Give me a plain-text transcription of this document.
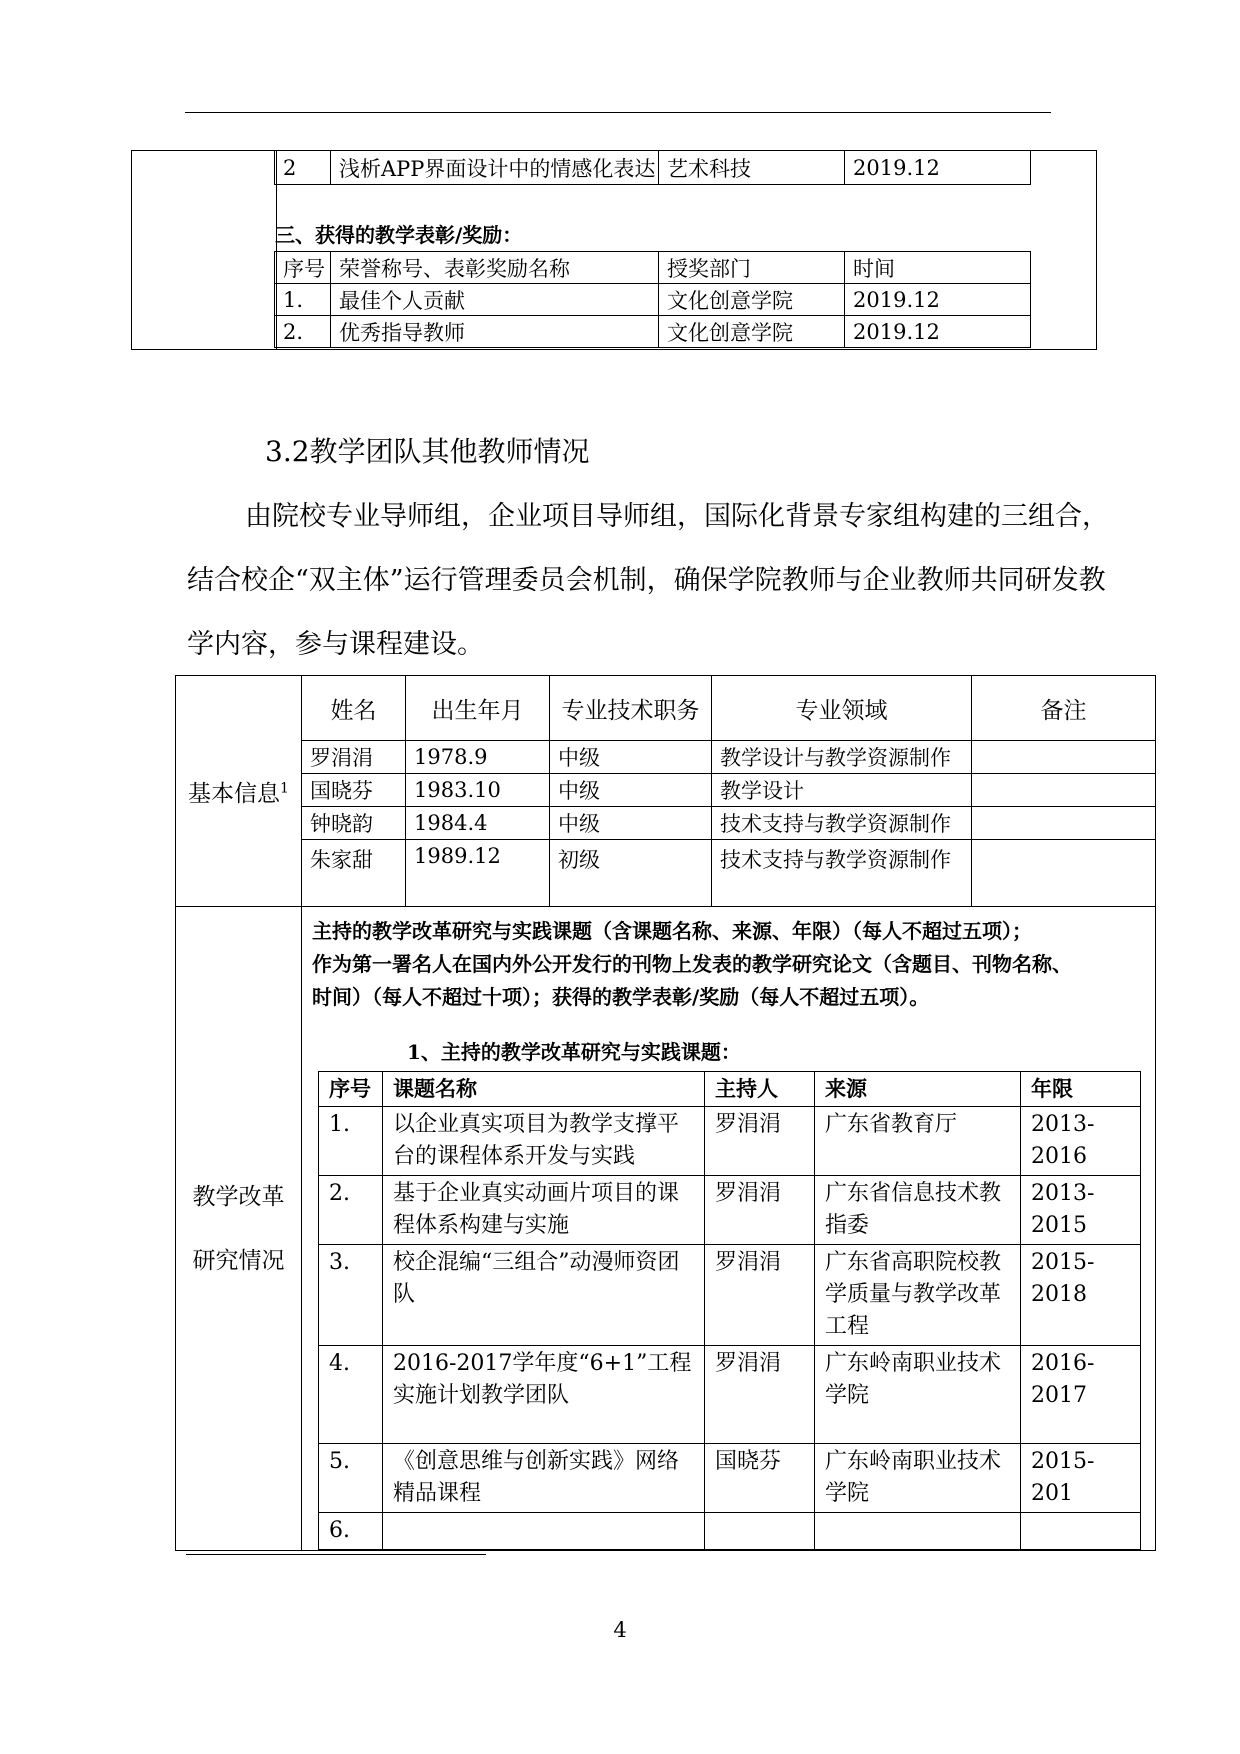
2	浅析APP界面设计中的情感化表达	艺术科技	2019.12
三、获得的教学表彰/奖励：
序号	荣誉称号、表彰奖励名称	授奖部门	时间
1.	最佳个人贡献	文化创意学院	2019.12
2.	优秀指导教师	文化创意学院	2019.12
3.2教学团队其他教师情况
由院校专业导师组，企业项目导师组，国际化背景专家组构建的三组合，结合校企“双主体”运行管理委员会机制，确保学院教师与企业教师共同研发教学内容，参与课程建设。
基本信息$^1$	姓名	出生年月	专业技术职务	专业领域	备注
罗涓涓	1978.9	中级	教学设计与教学资源制作	
国晓芬	1983.10	中级	教学设计	
钟晓韵	1984.4	中级	技术支持与教学资源制作	
朱家甜	1989.12	初级	技术支持与教学资源制作	

教学改革
研究情况

主持的教学改革研究与实践课题（含课题名称、来源、年限）（每人不超过五项）；
作为第一署名人在国内外公开发行的刊物上发表的教学研究论文（含题目、刊物名称、
时间）（每人不超过十项）；获得的教学表彰/奖励（每人不超过五项）。
1、主持的教学改革研究与实践课题：
序号	课题名称	主持人	来源	年限
1.	以企业真实项目为教学支撑平台的课程体系开发与实践	罗涓涓	广东省教育厅	2013-2016
2.	基于企业真实动画片项目的课程体系构建与实施	罗涓涓	广东省信息技术教指委	2013-2015
3.	校企混编“三组合”动漫师资团队	罗涓涓	广东省高职院校教学质量与教学改革工程	2015-2018
4.	2016-2017学年度“6+1”工程实施计划教学团队	罗涓涓	广东岭南职业技术学院	2016-2017
5.	《创意思维与创新实践》网络精品课程	国晓芬	广东岭南职业技术学院	2015-201
6.				
4
